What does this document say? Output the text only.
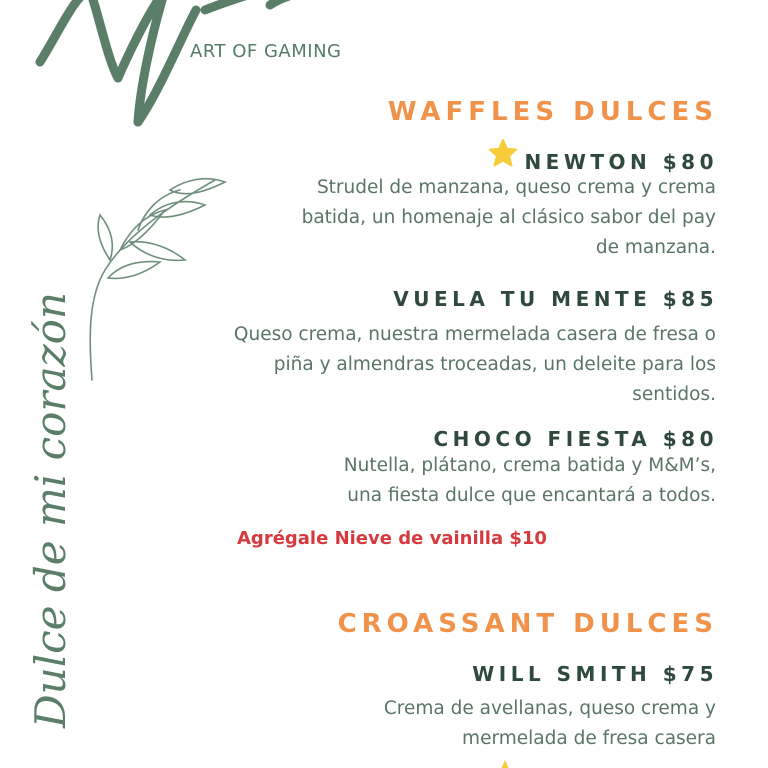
ART OF GAMING
Dulce de mi corazón
WAFFLES DULCES
NEWTON $80
Strudel de manzana, queso crema y crema
batida, un homenaje al clásico sabor del pay
de manzana.
VUELA TU MENTE $85
Queso crema, nuestra mermelada casera de fresa o
piña y almendras troceadas, un deleite para los
sentidos.
CHOCO FIESTA $80
Nutella, plátano, crema batida y M&M’s,
una fiesta dulce que encantará a todos.
Agrégale Nieve de vainilla $10
CROASSANT DULCES
WILL SMITH $75
Crema de avellanas, queso crema y
mermelada de fresa casera
